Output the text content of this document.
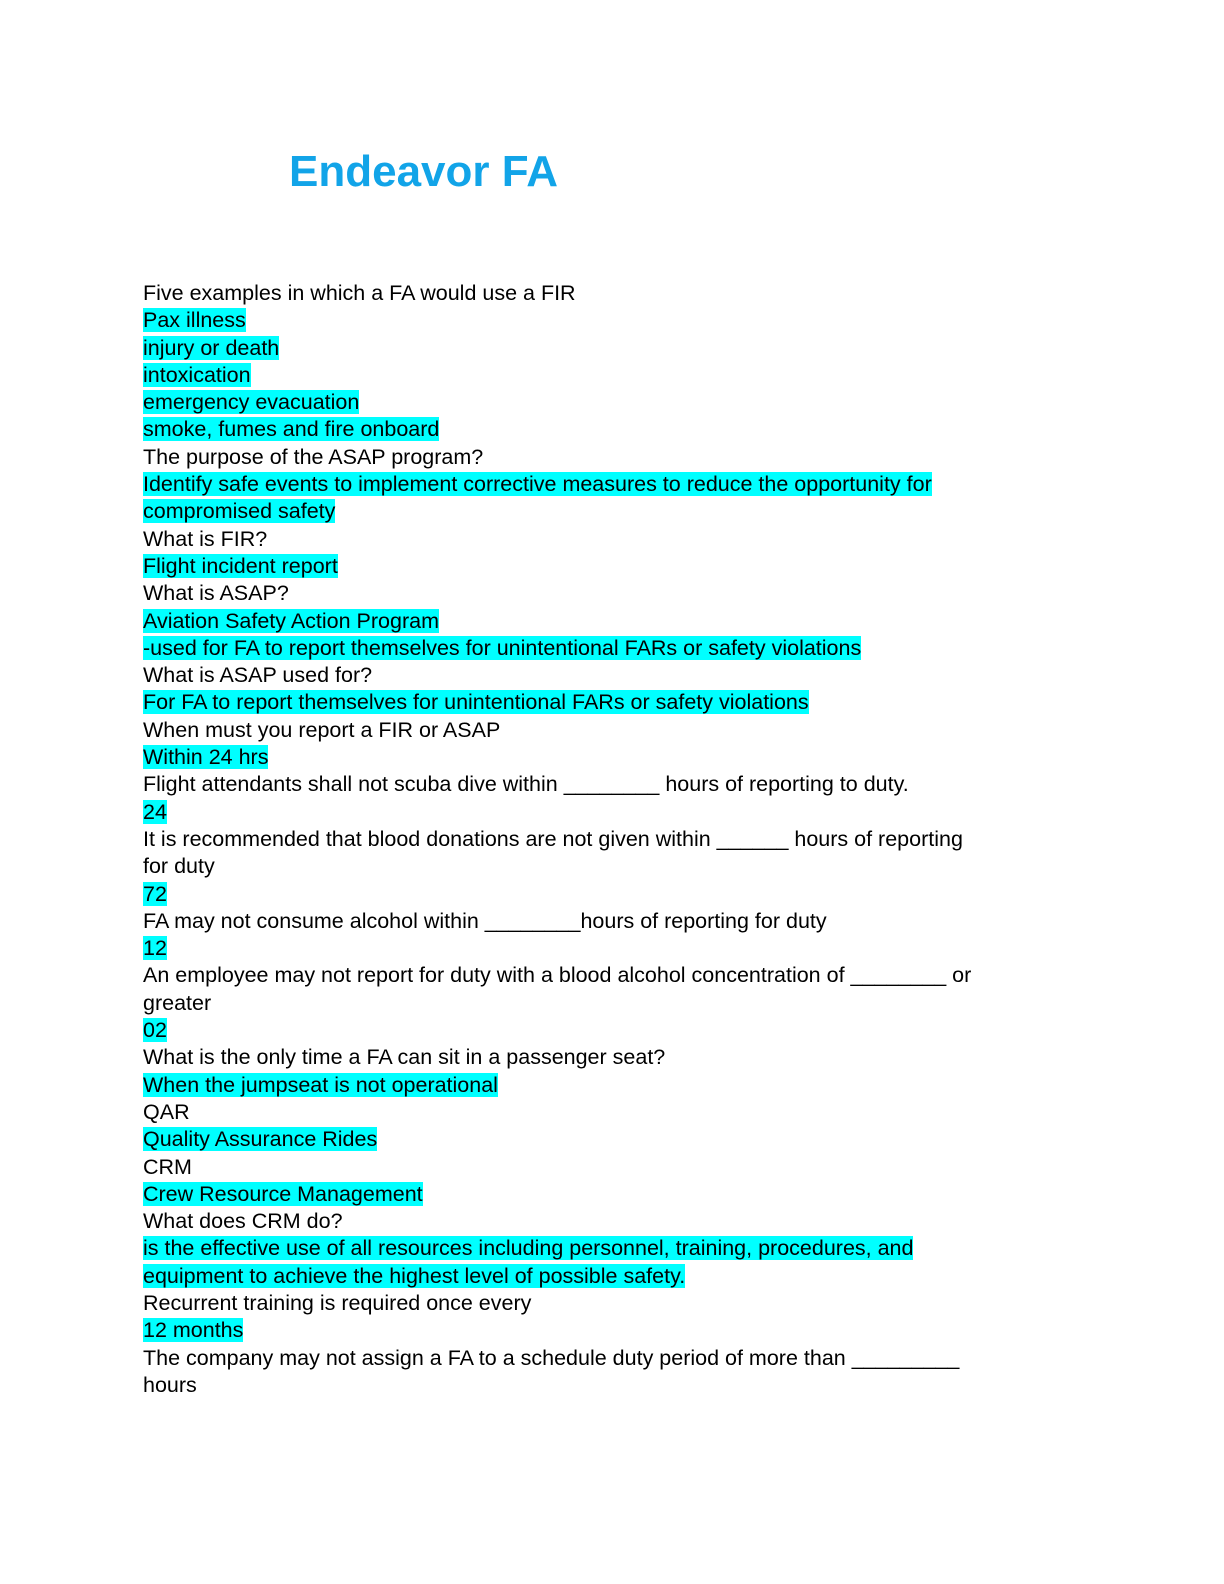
Endeavor FA
Five examples in which a FA would use a FIR
Pax illness
injury or death
intoxication
emergency evacuation
smoke, fumes and fire onboard
The purpose of the ASAP program?
Identify safe events to implement corrective measures to reduce the opportunity for
compromised safety
What is FIR?
Flight incident report
What is ASAP?
Aviation Safety Action Program
-used for FA to report themselves for unintentional FARs or safety violations
What is ASAP used for?
For FA to report themselves for unintentional FARs or safety violations
When must you report a FIR or ASAP
Within 24 hrs
Flight attendants shall not scuba dive within ________ hours of reporting to duty.
24
It is recommended that blood donations are not given within ______ hours of reporting
for duty
72
FA may not consume alcohol within ________hours of reporting for duty
12
An employee may not report for duty with a blood alcohol concentration of ________ or
greater
02
What is the only time a FA can sit in a passenger seat?
When the jumpseat is not operational
QAR
Quality Assurance Rides
CRM
Crew Resource Management
What does CRM do?
is the effective use of all resources including personnel, training, procedures, and
equipment to achieve the highest level of possible safety.
Recurrent training is required once every
12 months
The company may not assign a FA to a schedule duty period of more than _________
hours
